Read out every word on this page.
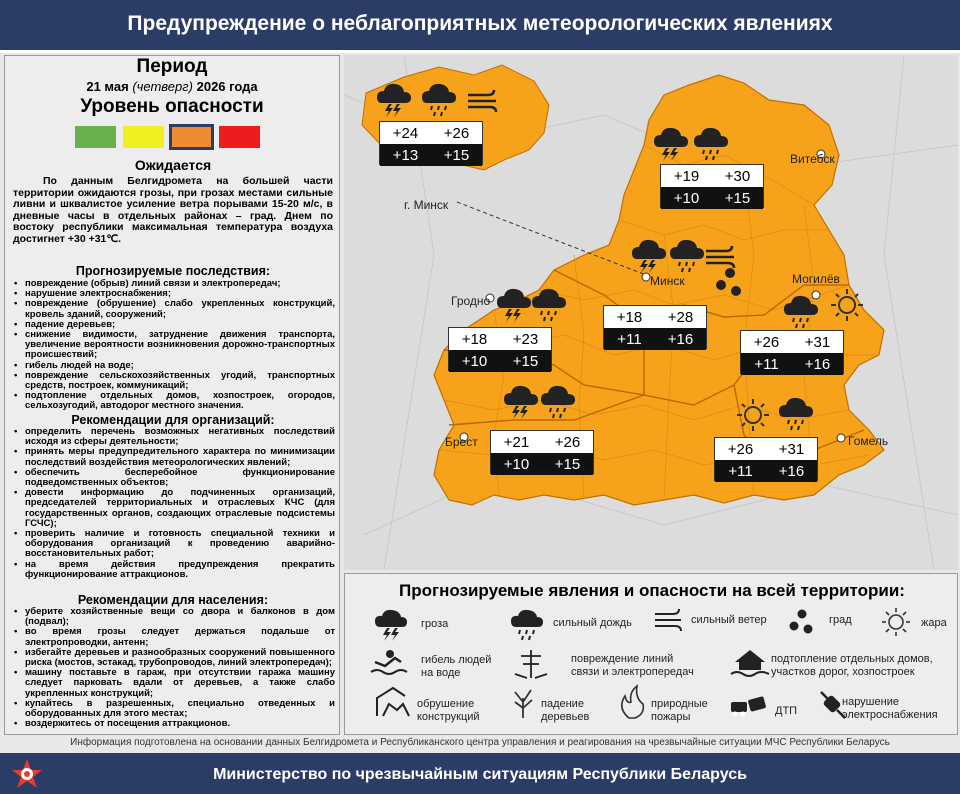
Предупреждение о неблагоприятных метеорологических явлениях
Период
21 мая (четверг) 2026 года
Уровень опасности
Ожидается
По данным Белгидромета на большей части территории ожидаются грозы, при грозах местами сильные ливни и шквалистое усиление ветра порывами 15-20 м/с, в дневные часы в отдельных районах – град. Днем по востоку республики максимальная температура воздуха достигнет +30 +31℃.
Прогнозируемые последствия:
• повреждение (обрыв) линий связи и электропередач;
• нарушение электроснабжения;
• повреждение (обрушение) слабо укрепленных конструкций, кровель зданий, сооружений;
• падение деревьев;
• снижение видимости, затруднение движения транспорта, увеличение вероятности возникновения дорожно-транспортных происшествий;
• гибель людей на воде;
• повреждение сельскохозяйственных угодий, транспортных средств, построек, коммуникаций;
• подтопление отдельных домов, хозпостроек, огородов, сельхозугодий, автодорог местного значения.
Рекомендации для организаций:
• определить перечень возможных негативных последствий исходя из сферы деятельности;
• принять меры предупредительного характера по минимизации последствий воздействия метеорологических явлений;
• обеспечить бесперебойное функционирование подведомственных объектов;
• довести информацию до подчиненных организаций, председателей территориальных и отраслевых КЧС (для государственных органов, создающих отраслевые подсистемы ГСЧС);
• проверить наличие и готовность специальной техники и оборудования организаций к проведению аварийно-восстановительных работ;
• на время действия предупреждения прекратить функционирование аттракционов.
Рекомендации для населения:
• уберите хозяйственные вещи со двора и балконов в дом (подвал);
• во время грозы следует держаться подальше от электропроводки, антенн;
• избегайте деревьев и разнообразных сооружений повышенного риска (мостов, эстакад, трубопроводов, линий электропередач);
• машину поставьте в гараж, при отсутствии гаража машину следует парковать вдали от деревьев, а также слабо укрепленных конструкций;
• купайтесь в разрешенных, специально отведенных и оборудованных для этого местах;
• воздержитесь от посещения аттракционов.
г. Минск
Витебск
Могилёв
Минск
Гродно
Брест	Гомель
+24	+26
+13	+15
+19	+30
+10	+15
+18	+28
+11	+16
+18	+23
+10	+15
+26	+31
+11	+16
+21	+26
+10	+15
+26	+31
+11	+16
Прогнозируемые явления и опасности на всей территории:
гроза	сильный дождь	сильный ветер	град	жара
гибель людей
на воде
повреждение линий
связи и электропередач
подтопление отдельных домов,
участков дорог, хозпостроек
обрушение
конструкций
падение
деревьев
природные
пожары	ДТП
нарушение
электроснабжения
Информация подготовлена на основании данных Белгидромета и Республиканского центра управления и реагирования на чрезвычайные ситуации МЧС Республики Беларусь
Министерство по чрезвычайным ситуациям Республики Беларусь
